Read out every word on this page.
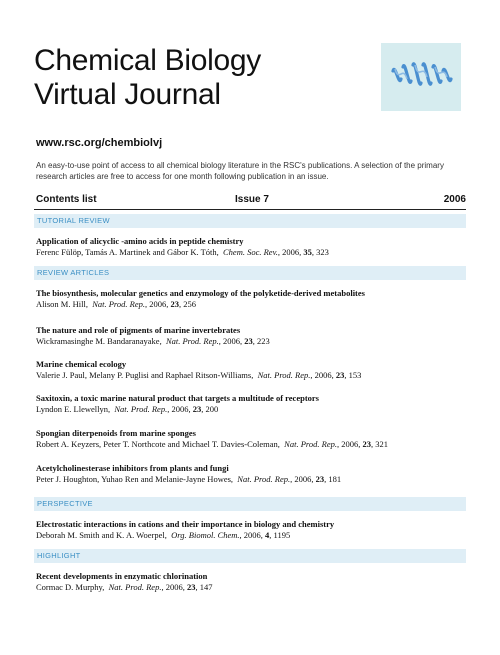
Chemical Biology
Virtual Journal
www.rsc.org/chembiolvj
An easy-to-use point of access to all chemical biology literature in the RSC's publications. A selection of the primary research articles are free to access for one month following publication in an issue.
Contents list	Issue 7	2006
TUTORIAL REVIEW
Application of alicyclic -amino acids in peptide chemistry
Ferenc Fülöp, Tamás A. Martinek and Gábor K. Tóth, Chem. Soc. Rev., 2006, 35, 323
REVIEW ARTICLES
The biosynthesis, molecular genetics and enzymology of the polyketide-derived metabolites
Alison M. Hill, Nat. Prod. Rep., 2006, 23, 256
The nature and role of pigments of marine invertebrates
Wickramasinghe M. Bandaranayake, Nat. Prod. Rep., 2006, 23, 223
Marine chemical ecology
Valerie J. Paul, Melany P. Puglisi and Raphael Ritson-Williams, Nat. Prod. Rep., 2006, 23, 153
Saxitoxin, a toxic marine natural product that targets a multitude of receptors
Lyndon E. Llewellyn, Nat. Prod. Rep., 2006, 23, 200
Spongian diterpenoids from marine sponges
Robert A. Keyzers, Peter T. Northcote and Michael T. Davies-Coleman, Nat. Prod. Rep., 2006, 23, 321
Acetylcholinesterase inhibitors from plants and fungi
Peter J. Houghton, Yuhao Ren and Melanie-Jayne Howes, Nat. Prod. Rep., 2006, 23, 181
PERSPECTIVE
Electrostatic interactions in cations and their importance in biology and chemistry
Deborah M. Smith and K. A. Woerpel, Org. Biomol. Chem., 2006, 4, 1195
HIGHLIGHT
Recent developments in enzymatic chlorination
Cormac D. Murphy, Nat. Prod. Rep., 2006, 23, 147
